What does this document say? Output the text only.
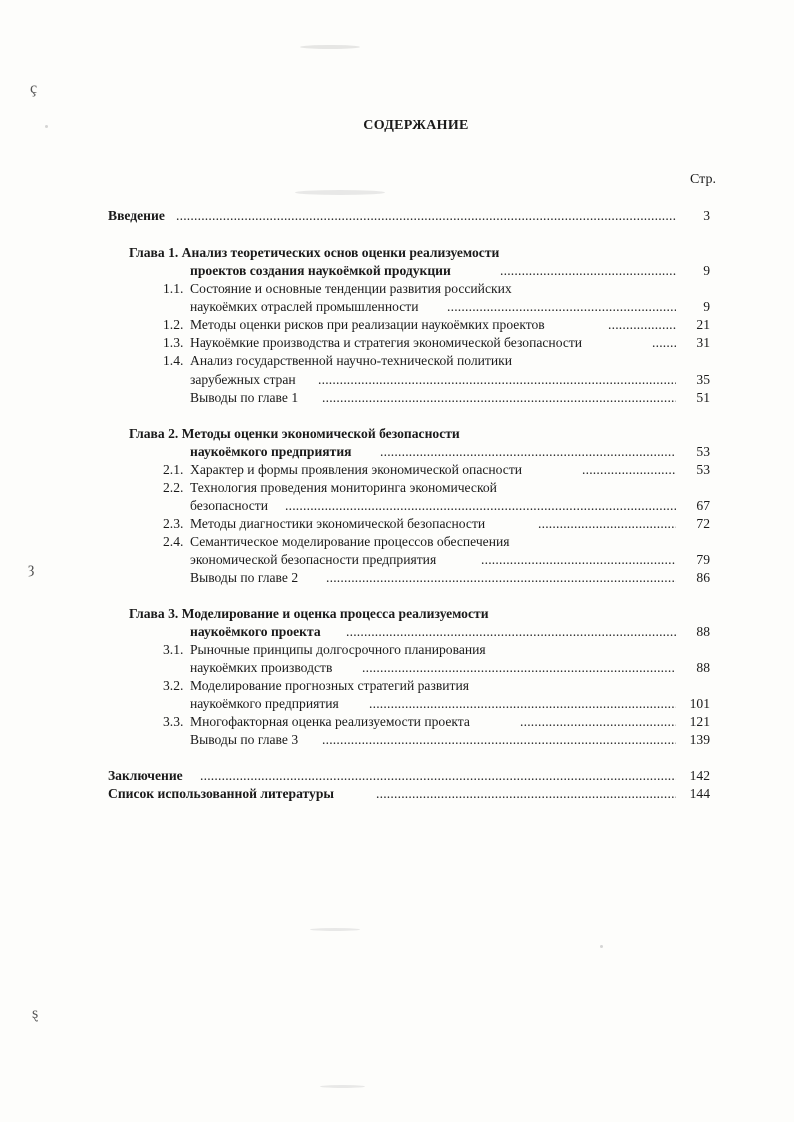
СОДЕРЖАНИЕ
Стр.
Введение .....	3
Глава 1. Анализ теоретических основ оценки реализуемости
проектов создания наукоёмкой продукции .....	9
1.1. Состояние и основные тенденции развития российских
наукоёмких отраслей промышленности .....	9
1.2. Методы оценки рисков при реализации наукоёмких проектов .....	21
1.3. Наукоёмкие производства и стратегия экономической безопасности .....	31
1.4. Анализ государственной научно-технической политики
зарубежных стран .....	35
Выводы по главе 1 .....	51
Глава 2. Методы оценки экономической безопасности
наукоёмкого предприятия .....	53
2.1. Характер и формы проявления экономической опасности .....	53
2.2. Технология проведения мониторинга экономической
безопасности .....	67
2.3. Методы диагностики экономической безопасности .....	72
2.4. Семантическое моделирование процессов обеспечения
экономической безопасности предприятия .....	79
Выводы по главе 2 .....	86
Глава 3. Моделирование и оценка процесса реализуемости
наукоёмкого проекта .....	88
3.1. Рыночные принципы долгосрочного планирования
наукоёмких производств .....	88
3.2. Моделирование прогнозных стратегий развития
наукоёмкого предприятия .....	101
3.3. Многофакторная оценка реализуемости проекта .....	121
Выводы по главе 3 .....	139
Заключение .....	142
Список использованной литературы .....	144
ç
ȝ
ȿ
